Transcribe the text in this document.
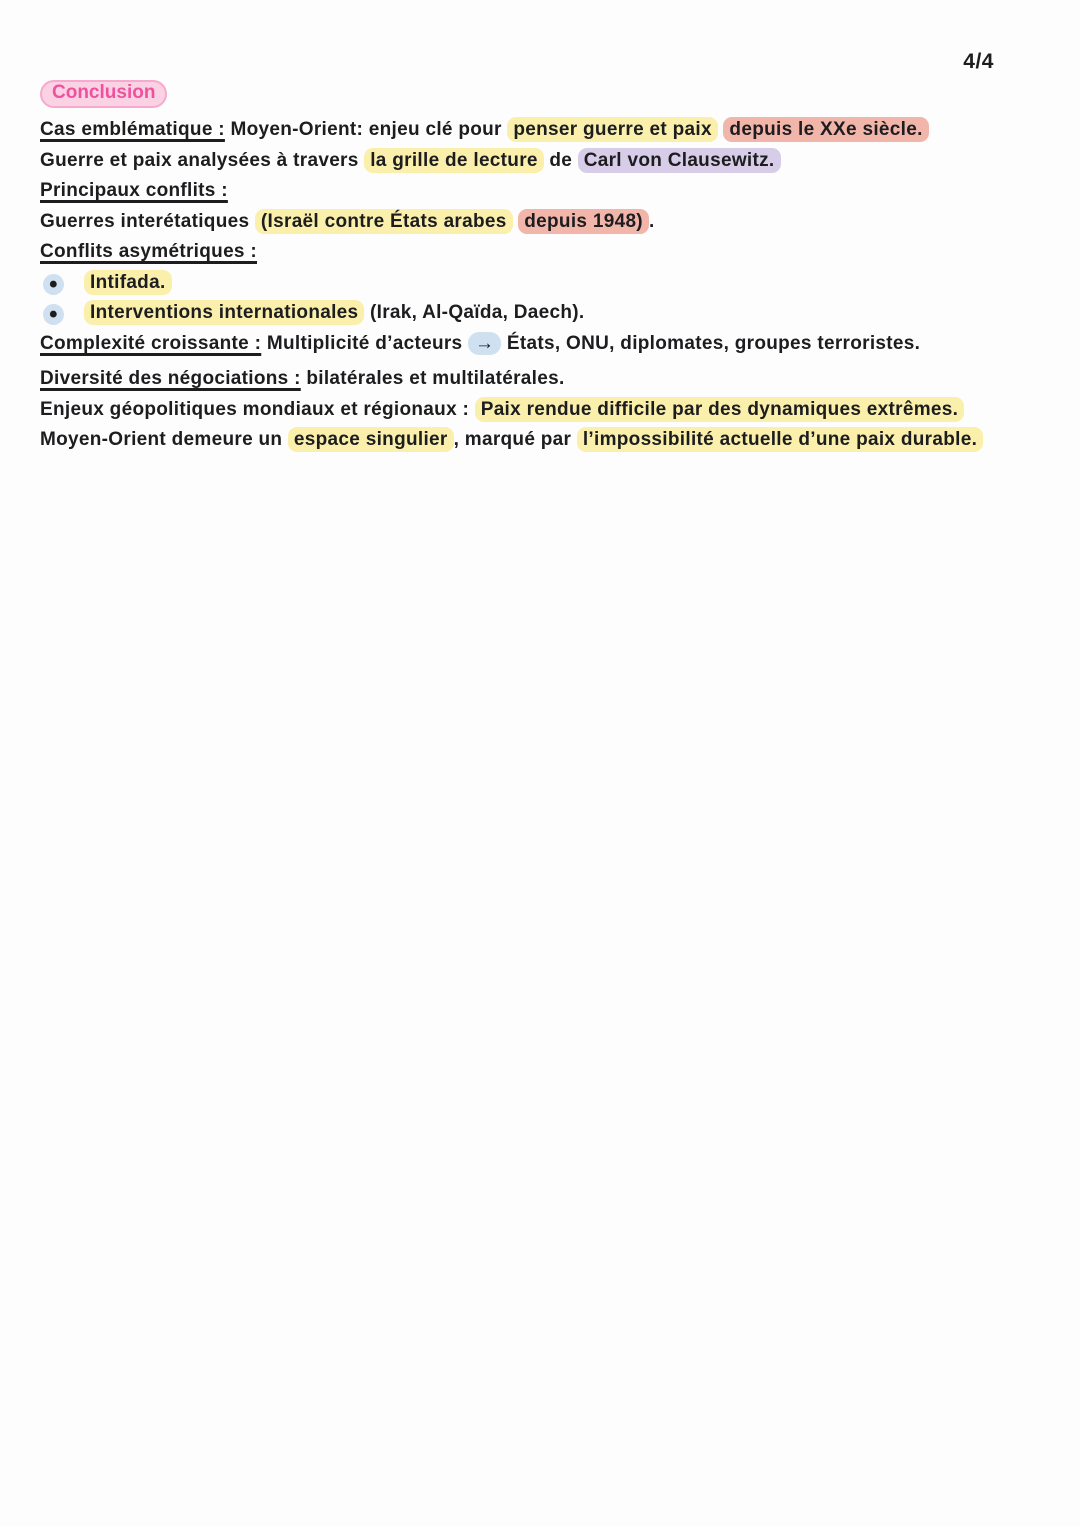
4/4
Conclusion

Cas emblématique : Moyen-Orient: enjeu clé pour penser guerre et paix depuis le XXe siècle.

Guerre et paix analysées à travers la grille de lecture de Carl von Clausewitz.

Principaux conflits :

Guerres interétatiques (Israël contre États arabes depuis 1948) .

Conflits asymétriques :

• Intifada.

• Interventions internationales (Irak, Al-Qaïda, Daech).

Complexité croissante : Multiplicité d’acteurs → États, ONU, diplomates, groupes terroristes.

Diversité des négociations : bilatérales et multilatérales.

Enjeux géopolitiques mondiaux et régionaux : Paix rendue difficile par des dynamiques extrêmes.

Moyen-Orient demeure un espace singulier , marqué par l’impossibilité actuelle d’une paix durable.
